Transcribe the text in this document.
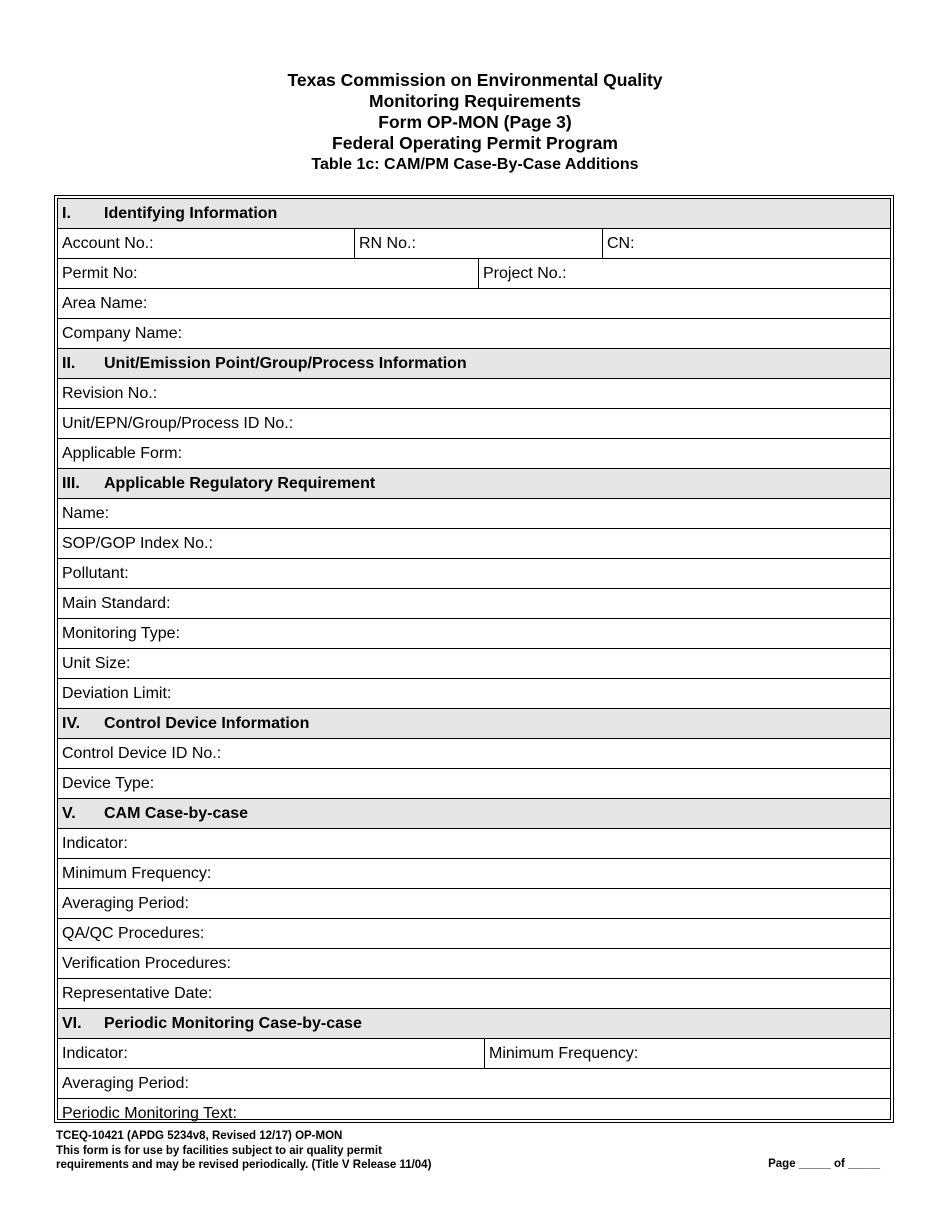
Texas Commission on Environmental Quality
Monitoring Requirements
Form OP-MON (Page 3)
Federal Operating Permit Program
Table 1c: CAM/PM Case-By-Case Additions
I. Identifying Information
Account No.:	RN No.:	CN:
Permit No:	Project No.:
Area Name:
Company Name:
II. Unit/Emission Point/Group/Process Information
Revision No.:
Unit/EPN/Group/Process ID No.:
Applicable Form:
III. Applicable Regulatory Requirement
Name:
SOP/GOP Index No.:
Pollutant:
Main Standard:
Monitoring Type:
Unit Size:
Deviation Limit:
IV. Control Device Information
Control Device ID No.:
Device Type:
V. CAM Case-by-case
Indicator:
Minimum Frequency:
Averaging Period:
QA/QC Procedures:
Verification Procedures:
Representative Date:
VI. Periodic Monitoring Case-by-case
Indicator:	Minimum Frequency:
Averaging Period:
Periodic Monitoring Text:
TCEQ-10421 (APDG 5234v8, Revised 12/17) OP-MON
This form is for use by facilities subject to air quality permit
requirements and may be revised periodically. (Title V Release 11/04)	Page _____ of _____
